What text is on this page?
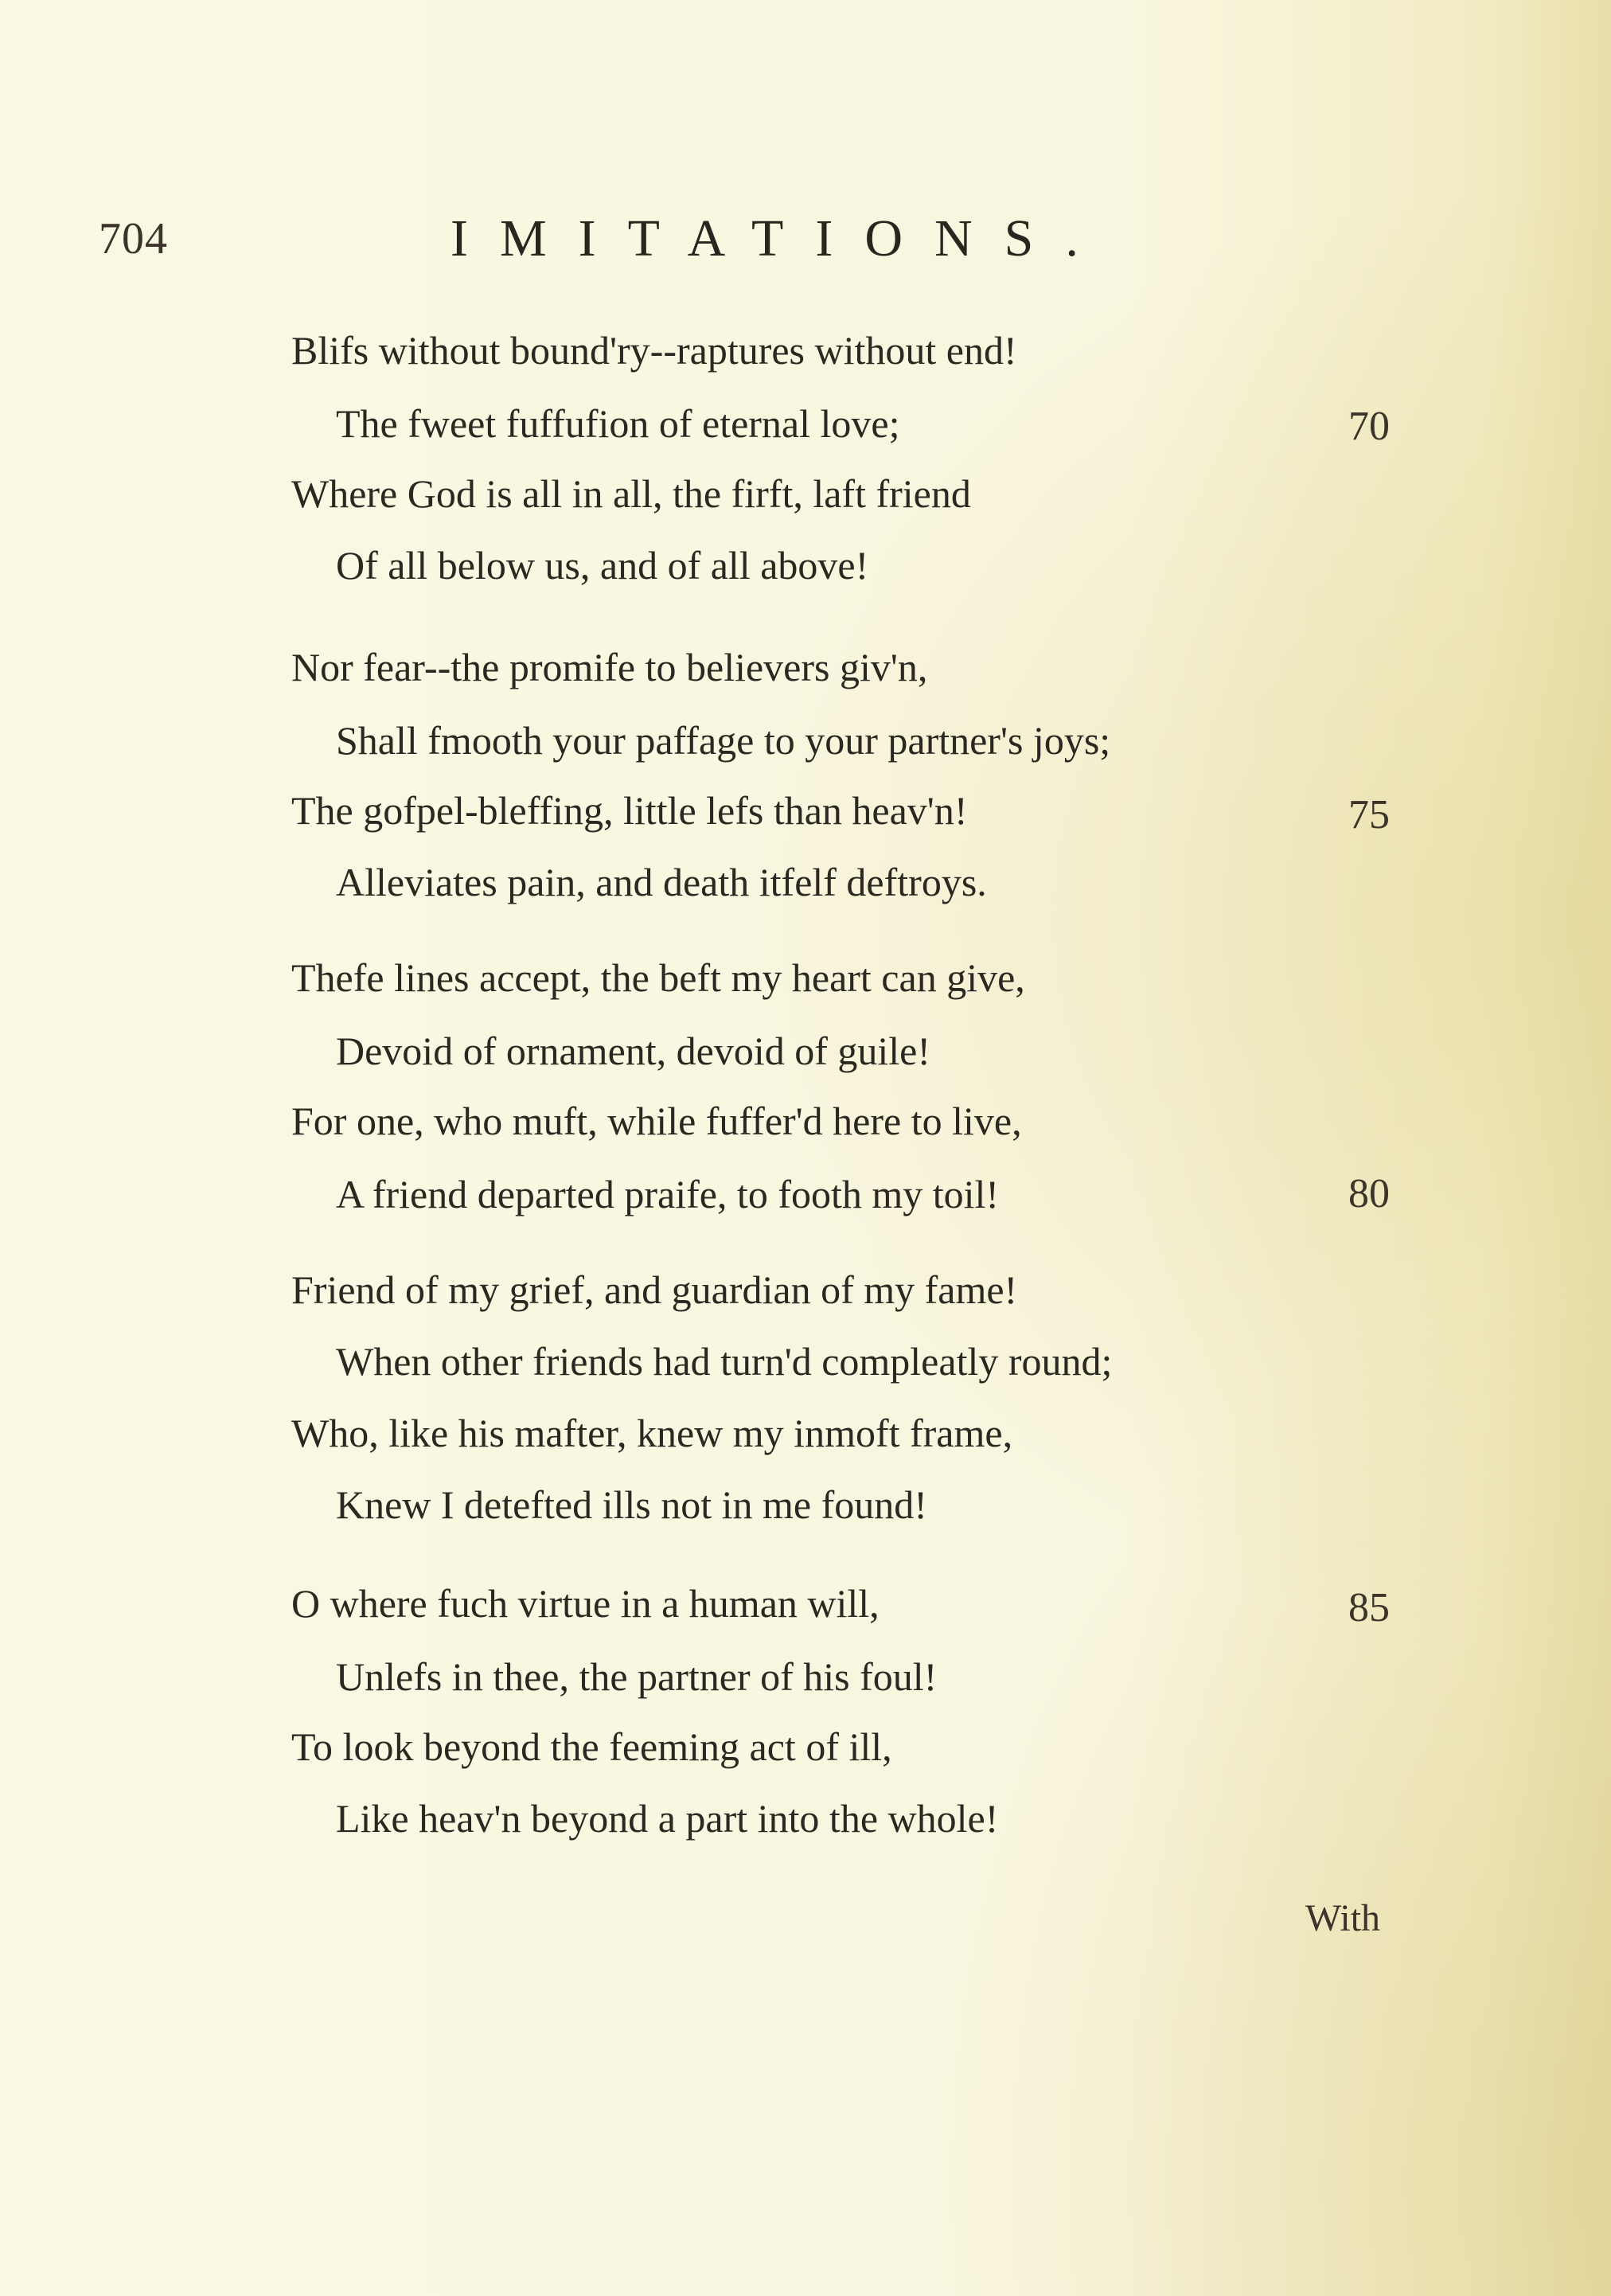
704	IMITATIONS.
Blifs without bound'ry--raptures without end!
The fweet fuffufion of eternal love;	70
Where God is all in all, the firft, laft friend
Of all below us, and of all above!
Nor fear--the promife to believers giv'n,
Shall fmooth your paffage to your partner's joys;
The gofpel-bleffing, little lefs than heav'n!	75
Alleviates pain, and death itfelf deftroys.
Thefe lines accept, the beft my heart can give,
Devoid of ornament, devoid of guile!
For one, who muft, while fuffer'd here to live,
A friend departed praife, to footh my toil!	80
Friend of my grief, and guardian of my fame!
When other friends had turn'd compleatly round;
Who, like his mafter, knew my inmoft frame,
Knew I detefted ills not in me found!
O where fuch virtue in a human will,	85
Unlefs in thee, the partner of his foul!
To look beyond the feeming act of ill,
Like heav'n beyond a part into the whole!
With
